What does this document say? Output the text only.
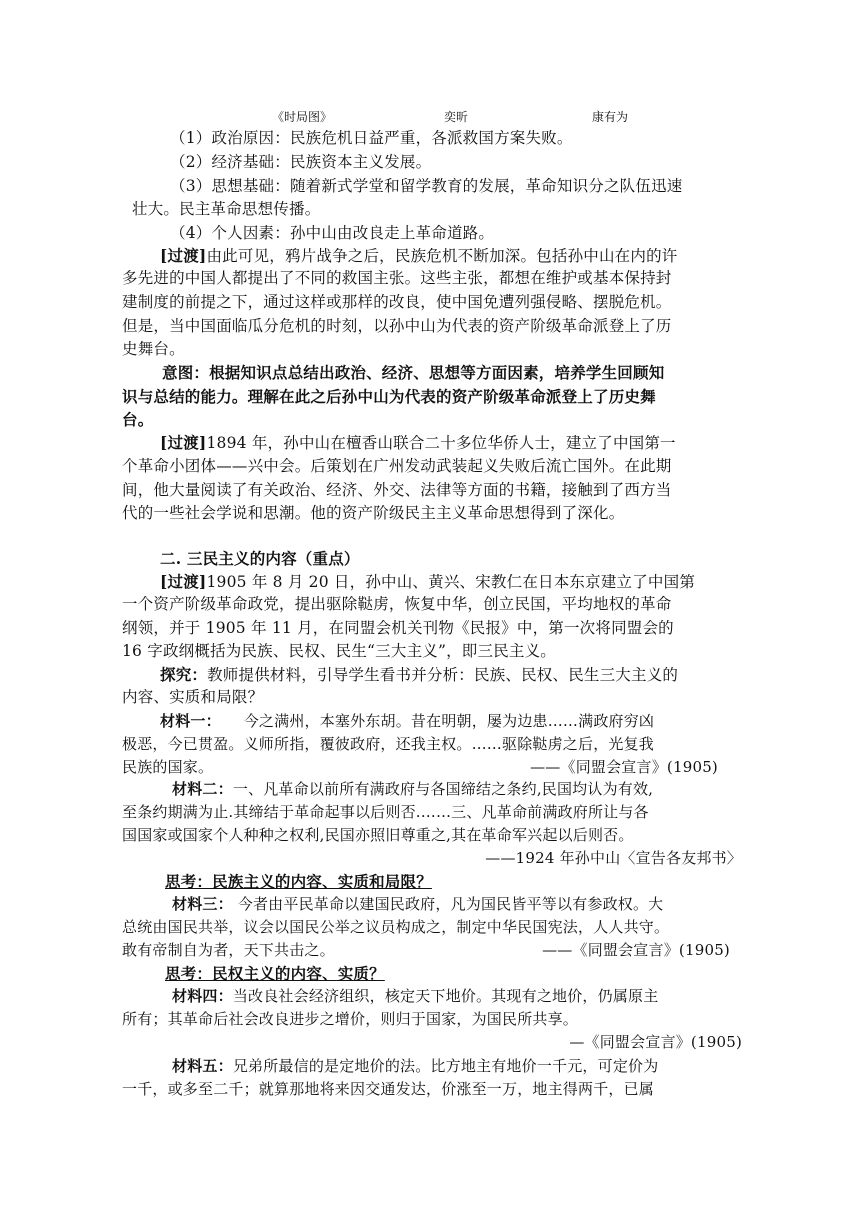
《时局图》	奕昕	康有为
（1）政治原因：民族危机日益严重，各派救国方案失败。
（2）经济基础：民族资本主义发展。
（3）思想基础：随着新式学堂和留学教育的发展，革命知识分之队伍迅速
壮大。民主革命思想传播。
（4）个人因素：孙中山由改良走上革命道路。
[过渡]由此可见，鸦片战争之后，民族危机不断加深。包括孙中山在内的许
多先进的中国人都提出了不同的救国主张。这些主张，都想在维护或基本保持封
建制度的前提之下，通过这样或那样的改良，使中国免遭列强侵略、摆脱危机。
但是，当中国面临瓜分危机的时刻，以孙中山为代表的资产阶级革命派登上了历
史舞台。
意图：根据知识点总结出政治、经济、思想等方面因素，培养学生回顾知
识与总结的能力。理解在此之后孙中山为代表的资产阶级革命派登上了历史舞
台。
[过渡]1894 年，孙中山在檀香山联合二十多位华侨人士，建立了中国第一
个革命小团体——兴中会。后策划在广州发动武装起义失败后流亡国外。在此期
间，他大量阅读了有关政治、经济、外交、法律等方面的书籍，接触到了西方当
代的一些社会学说和思潮。他的资产阶级民主主义革命思想得到了深化。
二. 三民主义的内容（重点）
[过渡]1905 年 8 月 20 日，孙中山、黄兴、宋教仁在日本东京建立了中国第
一个资产阶级革命政党，提出驱除鞑虏，恢复中华，创立民国，平均地权的革命
纲领，并于 1905 年 11 月，在同盟会机关刊物《民报》中，第一次将同盟会的
16 字政纲概括为民族、民权、民生“三大主义”，即三民主义。
探究：教师提供材料，引导学生看书并分析：民族、民权、民生三大主义的
内容、实质和局限？
材料一：　　今之满州，本塞外东胡。昔在明朝，屡为边患……满政府穷凶
极恶，今已贯盈。义师所指，覆彼政府，还我主权。……驱除鞑虏之后，光复我
民族的国家。	——《同盟会宣言》(1905)
材料二：一、凡革命以前所有满政府与各国缔结之条约,民国均认为有效,
至条约期满为止.其缔结于革命起事以后则否.……三、凡革命前满政府所让与各
国国家或国家个人种种之权利,民国亦照旧尊重之,其在革命军兴起以后则否。
——1924 年孙中山〈宣告各友邦书〉
思考：民族主义的内容、实质和局限？
材料三： 今者由平民革命以建国民政府，凡为国民皆平等以有参政权。大
总统由国民共举，议会以国民公举之议员构成之，制定中华民国宪法，人人共守。
敢有帝制自为者，天下共击之。	——《同盟会宣言》(1905)
思考：民权主义的内容、实质？
材料四：当改良社会经济组织，核定天下地价。其现有之地价，仍属原主
所有；其革命后社会改良进步之增价，则归于国家，为国民所共享。
—《同盟会宣言》(1905)
材料五：兄弟所最信的是定地价的法。比方地主有地价一千元，可定价为
一千，或多至二千；就算那地将来因交通发达，价涨至一万，地主得两千，已属
